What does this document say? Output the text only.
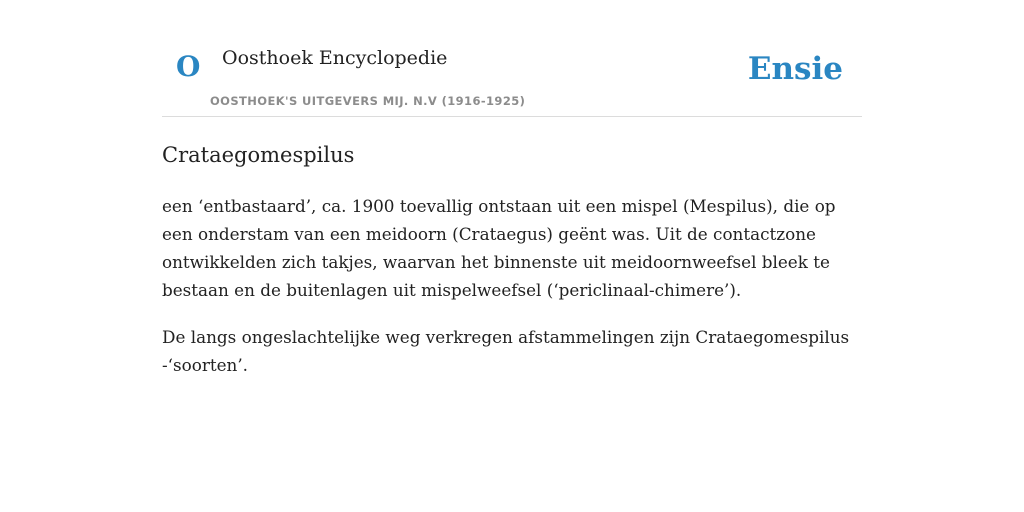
O Oosthoek Encyclopedie
OOSTHOEK'S UITGEVERS MIJ. N.V (1916-1925)
Ensie
Crataegomespilus

een ‘entbastaard’, ca. 1900 toevallig ontstaan uit een mispel (Mespilus), die op een onderstam van een meidoorn (Crataegus) geënt was. Uit de contactzone ontwikkelden zich takjes, waarvan het binnenste uit meidoornweefsel bleek te bestaan en de buitenlagen uit mispelweefsel (‘periclinaal-chimere’).

De langs ongeslachtelijke weg verkregen afstammelingen zijn Crataegomespilus -‘soorten’.
